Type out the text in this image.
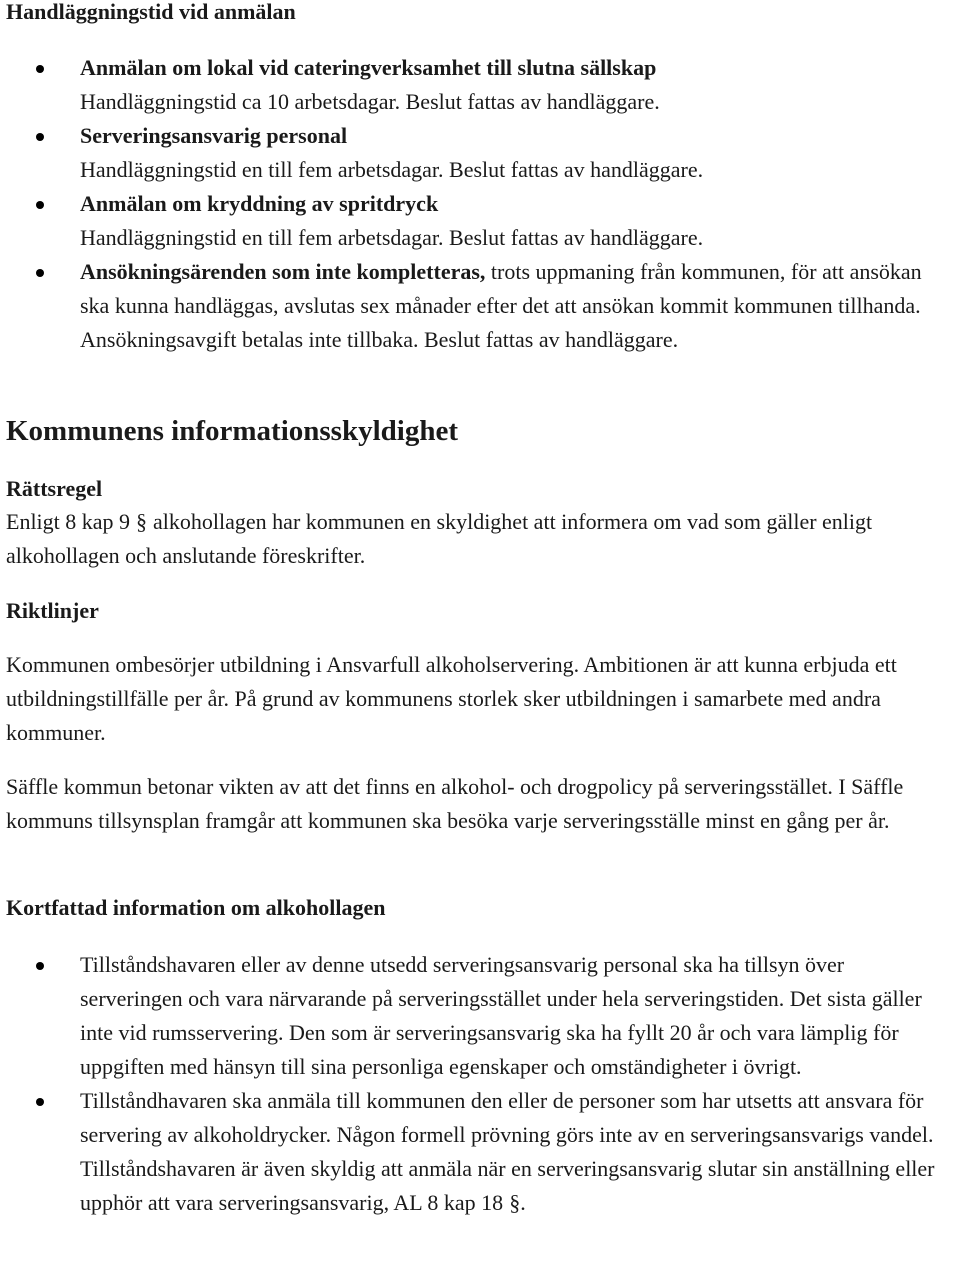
Handläggningstid vid anmälan
Anmälan om lokal vid cateringverksamhet till slutna sällskap
Handläggningstid ca 10 arbetsdagar. Beslut fattas av handläggare.
Serveringsansvarig personal
Handläggningstid en till fem arbetsdagar. Beslut fattas av handläggare.
Anmälan om kryddning av spritdryck
Handläggningstid en till fem arbetsdagar. Beslut fattas av handläggare.
Ansökningsärenden som inte kompletteras, trots uppmaning från kommunen, för att ansökan ska kunna handläggas, avslutas sex månader efter det att ansökan kommit kommunen tillhanda. Ansökningsavgift betalas inte tillbaka. Beslut fattas av handläggare.
Kommunens informationsskyldighet
Rättsregel
Enligt 8 kap 9 § alkohollagen har kommunen en skyldighet att informera om vad som gäller enligt alkohollagen och anslutande föreskrifter.
Riktlinjer
Kommunen ombesörjer utbildning i Ansvarfull alkoholservering. Ambitionen är att kunna erbjuda ett utbildningstillfälle per år. På grund av kommunens storlek sker utbildningen i samarbete med andra kommuner.
Säffle kommun betonar vikten av att det finns en alkohol- och drogpolicy på serveringsstället. I Säffle kommuns tillsynsplan framgår att kommunen ska besöka varje serveringsställe minst en gång per år.
Kortfattad information om alkohollagen
Tillståndshavaren eller av denne utsedd serveringsansvarig personal ska ha tillsyn över serveringen och vara närvarande på serveringsstället under hela serveringstiden. Det sista gäller inte vid rumsservering. Den som är serveringsansvarig ska ha fyllt 20 år och vara lämplig för uppgiften med hänsyn till sina personliga egenskaper och omständigheter i övrigt.
Tillståndhavaren ska anmäla till kommunen den eller de personer som har utsetts att ansvara för servering av alkoholdrycker. Någon formell prövning görs inte av en serveringsansvarigs vandel. Tillståndshavaren är även skyldig att anmäla när en serveringsansvarig slutar sin anställning eller upphör att vara serveringsansvarig, AL 8 kap 18 §.
